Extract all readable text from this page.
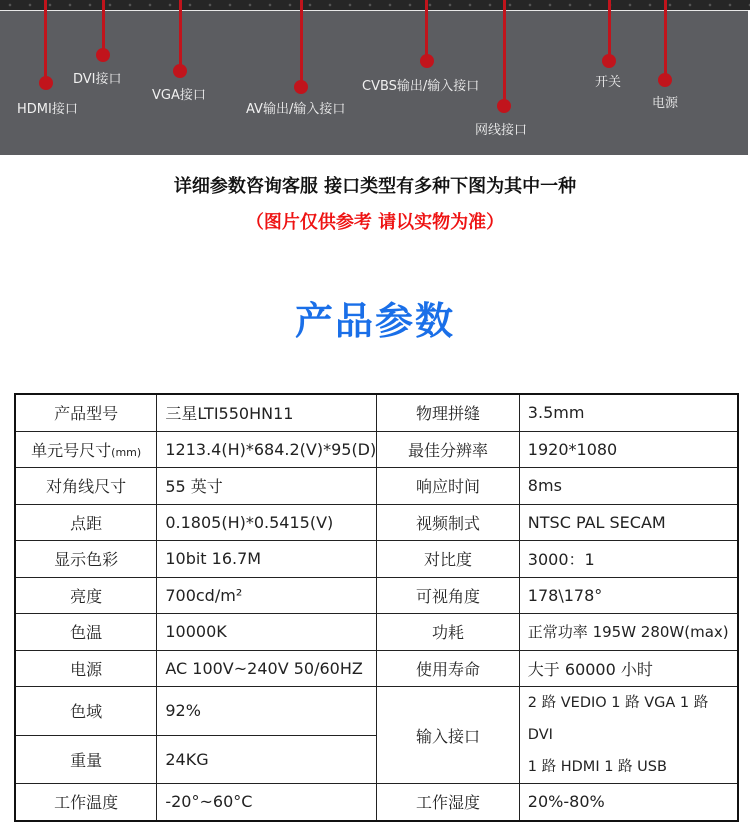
HDMI接口
DVI接口
VGA接口
AV输出/输入接口
CVBS输出/输入接口
网线接口
开关
电源
详细参数咨询客服 接口类型有多种下图为其中一种
（图片仅供参考 请以实物为准）
产品参数
产品型号	三星LTI550HN11	物理拼缝	3.5mm
单元号尺寸(mm)	1213.4(H)*684.2(V)*95(D)	最佳分辨率	1920*1080
对角线尺寸	55 英寸	响应时间	8ms
点距	0.1805(H)*0.5415(V)	视频制式	NTSC PAL SECAM
显示色彩	10bit 16.7M	对比度	3000：1
亮度	700cd/m²	可视角度	178\178°
色温	10000K	功耗	正常功率 195W 280W(max)
电源	AC 100V~240V 50/60HZ	使用寿命	大于 60000 小时
色域	92%	输入接口	2 路 VEDIO 1 路 VGA 1 路 DVI
1 路 HDMI 1 路 USB

重量	24KG		
工作温度	-20°~60°C	工作湿度	20%-80%
